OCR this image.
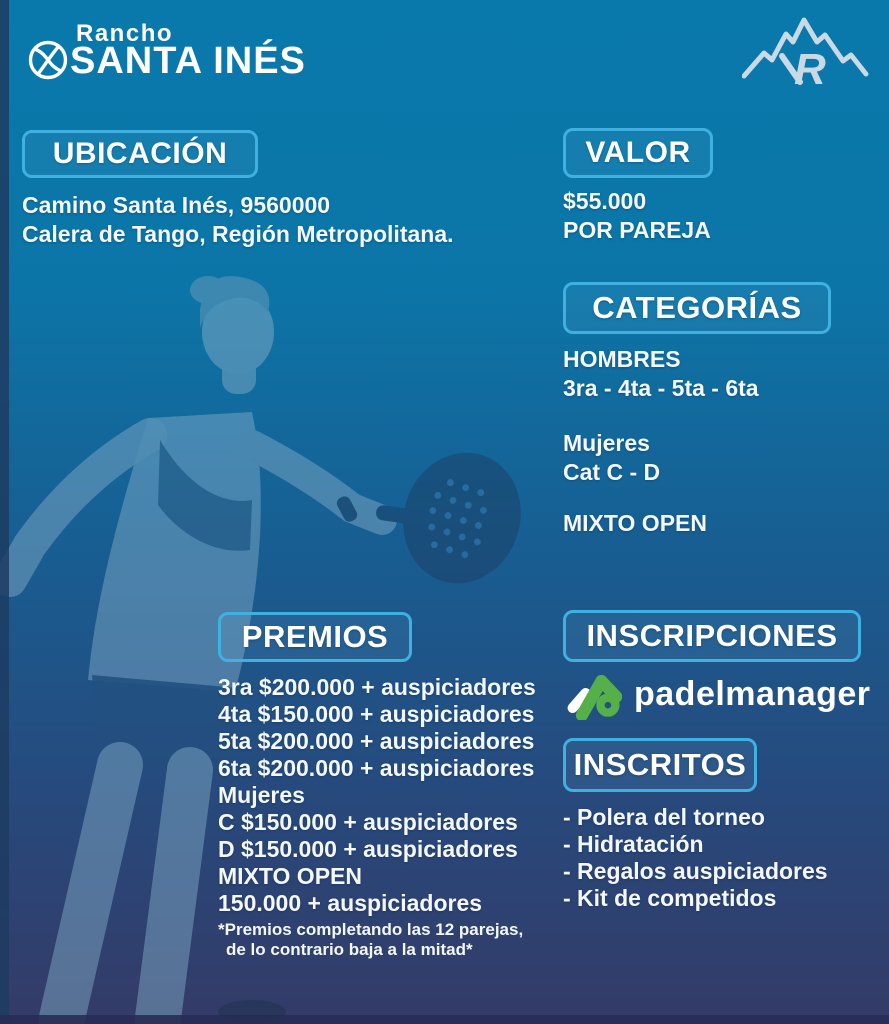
Rancho
SANTA INÉS	R
UBICACIÓN
Camino Santa Inés, 9560000
Calera de Tango, Región Metropolitana.
VALOR
$55.000
POR PAREJA
CATEGORÍAS
HOMBRES
3ra - 4ta - 5ta - 6ta
Mujeres
Cat C - D
MIXTO OPEN
PREMIOS
3ra $200.000 + auspiciadores
4ta $150.000 + auspiciadores
5ta $200.000 + auspiciadores
6ta $200.000 + auspiciadores
Mujeres
C $150.000 + auspiciadores
D $150.000 + auspiciadores
MIXTO OPEN
150.000 + auspiciadores
*Premios completando las 12 parejas,
de lo contrario baja a la mitad*
INSCRIPCIONES
padelmanager
INSCRITOS
- Polera del torneo
- Hidratación
- Regalos auspiciadores
- Kit de competidos
